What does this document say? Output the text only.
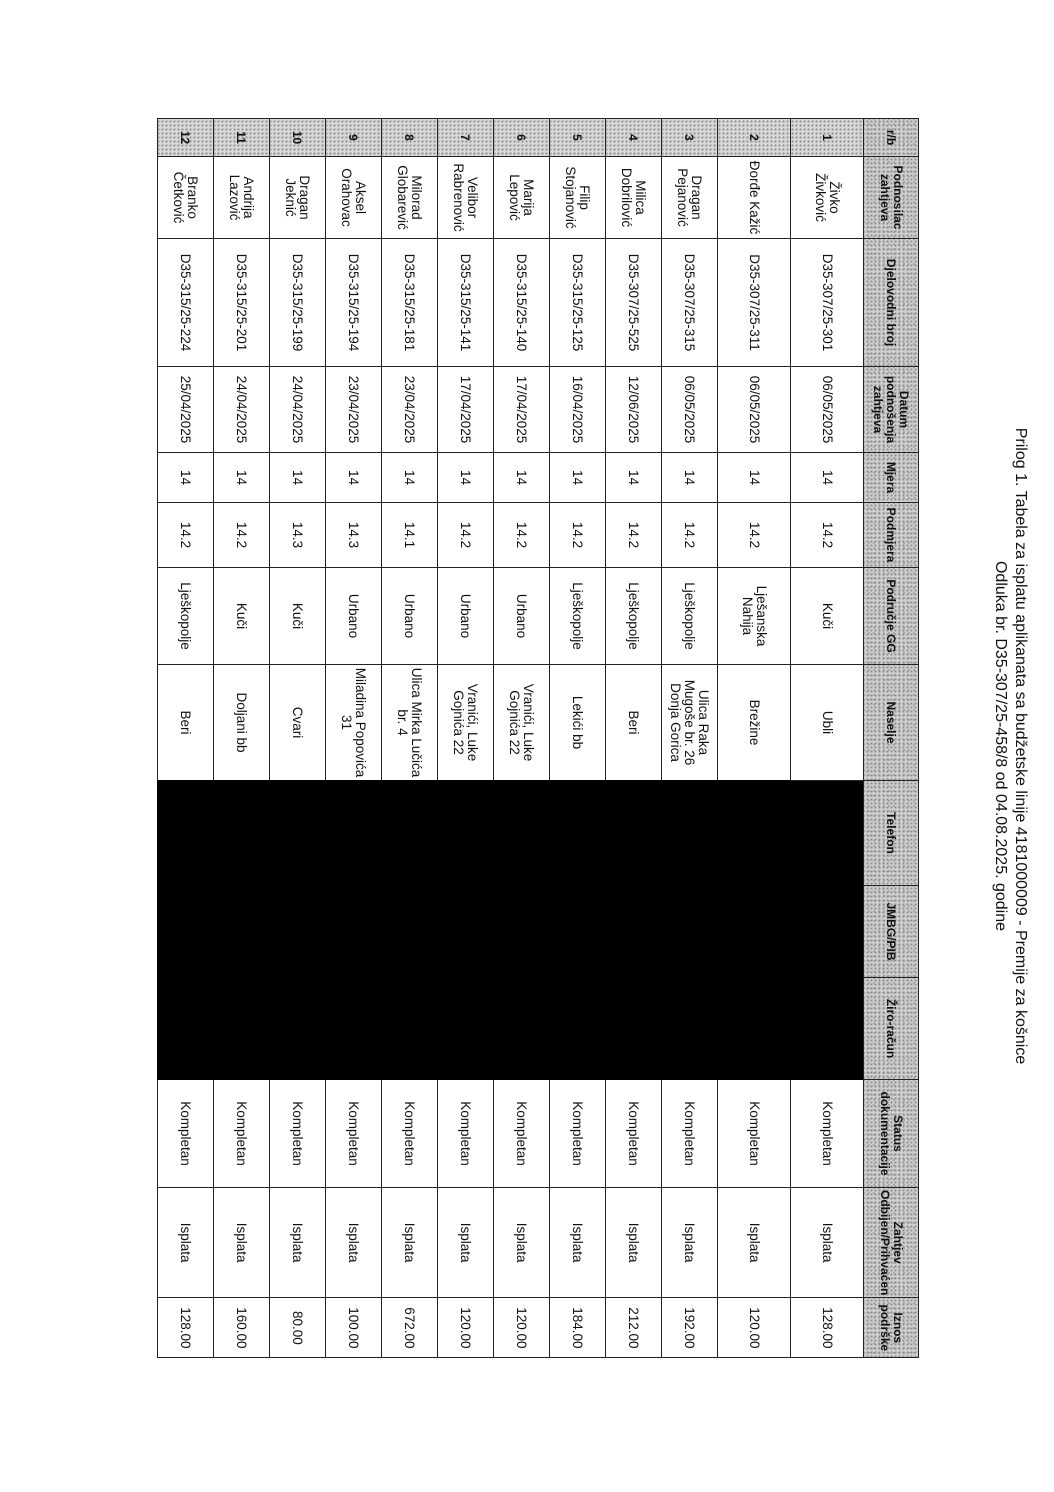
Prilog 1. Tabela za isplatu aplikanata sa budžetske linije 4181000009 - Premije za košnice
Odluka br. D35-307/25-458/8 od 04.08.2025. godine
r/b	Podnosilac zahtjeva	Djelovodni broj	Datum podnošenja zahtjeva	Mjera	Podmjera	Područje GG	Naselje	Telefon	JMBG/PIB	Žiro-račun	Status dokumentacije	Zahtjev Odbijen/Prihvaćen	Iznos podrške
1	Živko Živković	D35-307/25-301	06/05/2025	14	14.2	Kuči	Ubli				Kompletan	Isplata	128.00
2	Đorđe Kažić	D35-307/25-311	06/05/2025	14	14.2	Lješanska Nahija	Brežine				Kompletan	Isplata	120.00
3	Dragan Pejanović	D35-307/25-315	06/05/2025	14	14.2	Lješkopolje	Ulica Raka Mugoše br. 26 Donja Gorica				Kompletan	Isplata	192.00
4	Milica Dobrilović	D35-307/25-525	12/06/2025	14	14.2	Lješkopolje	Beri				Kompletan	Isplata	212.00
5	Filip Stojanović	D35-315/25-125	16/04/2025	14	14.2	Lješkopolje	Lekići bb				Kompletan	Isplata	184.00
6	Marija Lepović	D35-315/25-140	17/04/2025	14	14.2	Urbano	Vranići, Luke Gojnića 22				Kompletan	Isplata	120.00
7	Velibor Rabrenović	D35-315/25-141	17/04/2025	14	14.2	Urbano	Vranići, Luke Gojnića 22				Kompletan	Isplata	120.00
8	Milorad Globarević	D35-315/25-181	23/04/2025	14	14.1	Urbano	Ulica Mirka Lučića br. 4				Kompletan	Isplata	672.00
9	Aksel Orahovac	D35-315/25-194	23/04/2025	14	14.3	Urbano	Miladina Popovića 31				Kompletan	Isplata	100.00
10	Dragan Jeknić	D35-315/25-199	24/04/2025	14	14.3	Kuči	Cvari				Kompletan	Isplata	80.00
11	Andrija Lazović	D35-315/25-201	24/04/2025	14	14.2	Kuči	Doljani bb				Kompletan	Isplata	160.00
12	Branko Četković	D35-315/25-224	25/04/2025	14	14.2	Lješkopolje	Beri				Kompletan	Isplata	128.00
